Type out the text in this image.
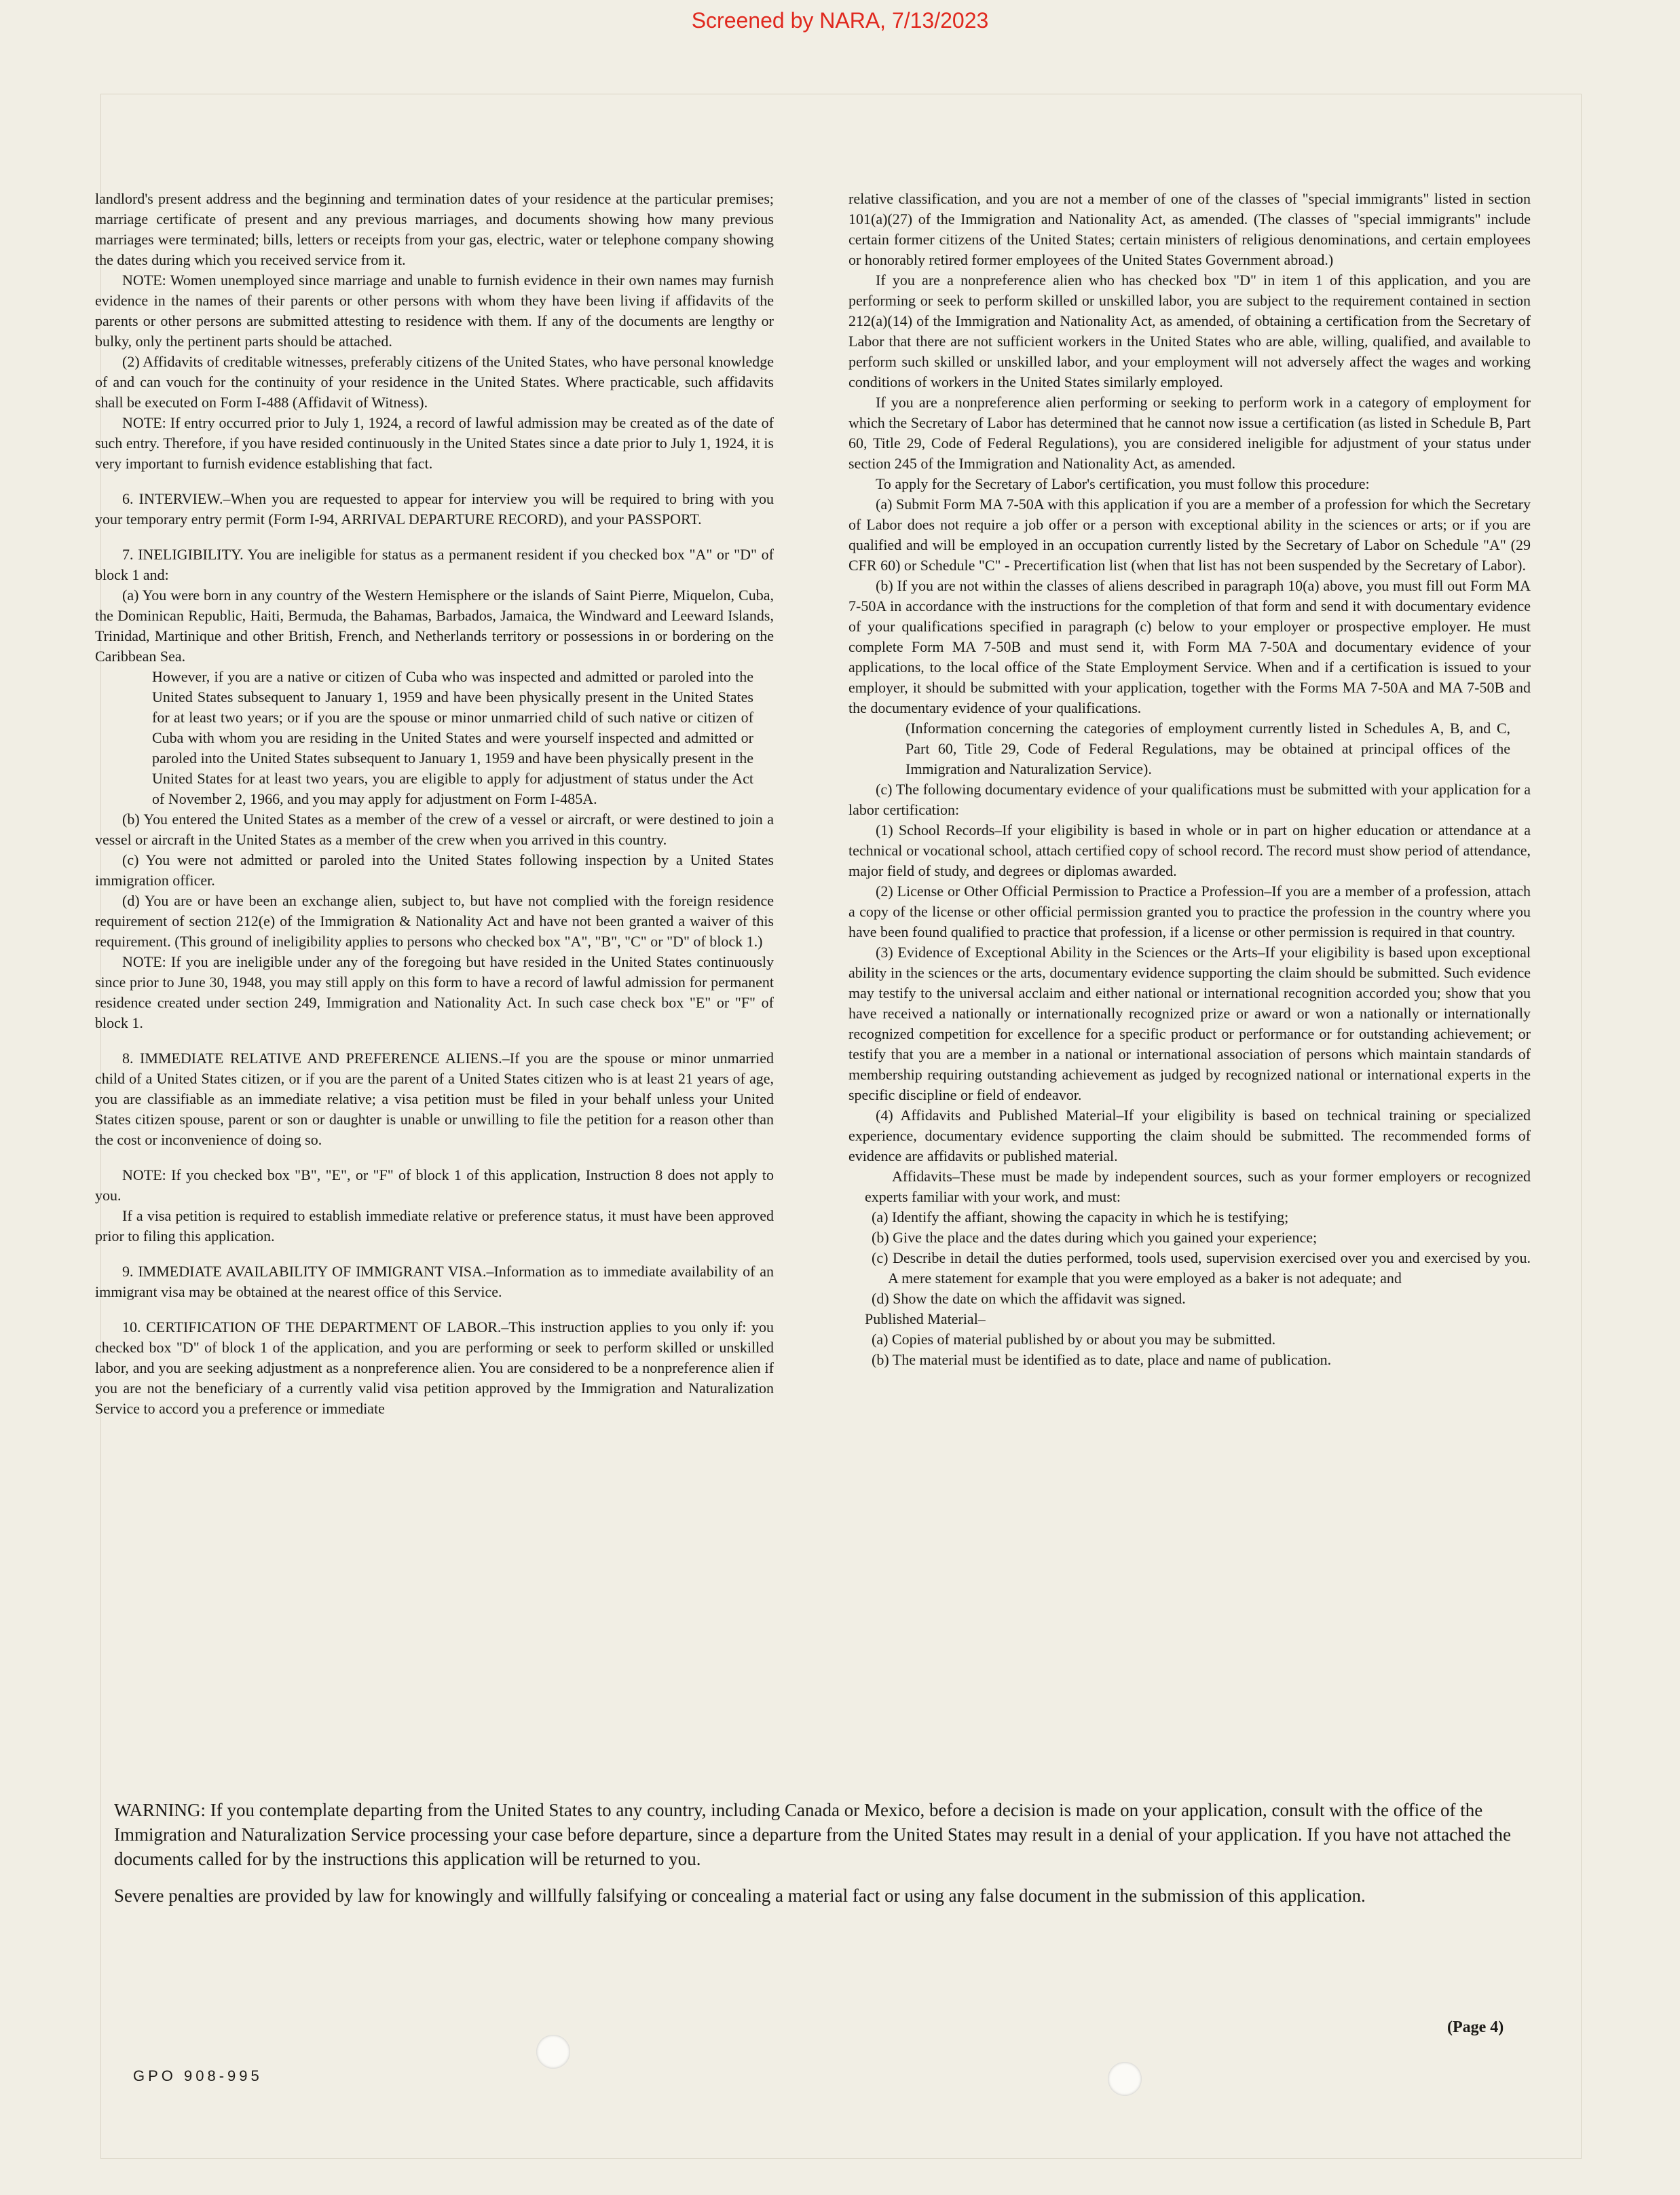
Screened by NARA, 7/13/2023

landlord's present address and the beginning and termination dates of your residence at the particular premises; marriage certificate of present and any previous marriages, and documents showing how many previous marriages were terminated; bills, letters or receipts from your gas, electric, water or telephone company showing the dates during which you received service from it.

NOTE: Women unemployed since marriage and unable to furnish evidence in their own names may furnish evidence in the names of their parents or other persons with whom they have been living if affidavits of the parents or other persons are submitted attesting to residence with them. If any of the documents are lengthy or bulky, only the pertinent parts should be attached.

(2) Affidavits of creditable witnesses, preferably citizens of the United States, who have personal knowledge of and can vouch for the continuity of your residence in the United States. Where practicable, such affidavits shall be executed on Form I-488 (Affidavit of Witness).

NOTE: If entry occurred prior to July 1, 1924, a record of lawful admission may be created as of the date of such entry. Therefore, if you have resided continuously in the United States since a date prior to July 1, 1924, it is very important to furnish evidence establishing that fact.

6. INTERVIEW.–When you are requested to appear for interview you will be required to bring with you your temporary entry permit (Form I-94, ARRIVAL DEPARTURE RECORD), and your PASSPORT.

7. INELIGIBILITY. You are ineligible for status as a permanent resident if you checked box "A" or "D" of block 1 and:

(a) You were born in any country of the Western Hemisphere or the islands of Saint Pierre, Miquelon, Cuba, the Dominican Republic, Haiti, Bermuda, the Bahamas, Barbados, Jamaica, the Windward and Leeward Islands, Trinidad, Martinique and other British, French, and Netherlands territory or possessions in or bordering on the Caribbean Sea.

However, if you are a native or citizen of Cuba who was inspected and admitted or paroled into the United States subsequent to January 1, 1959 and have been physically present in the United States for at least two years; or if you are the spouse or minor unmarried child of such native or citizen of Cuba with whom you are residing in the United States and were yourself inspected and admitted or paroled into the United States subsequent to January 1, 1959 and have been physically present in the United States for at least two years, you are eligible to apply for adjustment of status under the Act of November 2, 1966, and you may apply for adjustment on Form I-485A.

(b) You entered the United States as a member of the crew of a vessel or aircraft, or were destined to join a vessel or aircraft in the United States as a member of the crew when you arrived in this country.

(c) You were not admitted or paroled into the United States following inspection by a United States immigration officer.

(d) You are or have been an exchange alien, subject to, but have not complied with the foreign residence requirement of section 212(e) of the Immigration & Nationality Act and have not been granted a waiver of this requirement. (This ground of ineligibility applies to persons who checked box "A", "B", "C" or "D" of block 1.)

NOTE: If you are ineligible under any of the foregoing but have resided in the United States continuously since prior to June 30, 1948, you may still apply on this form to have a record of lawful admission for permanent residence created under section 249, Immigration and Nationality Act. In such case check box "E" or "F" of block 1.

8. IMMEDIATE RELATIVE AND PREFERENCE ALIENS.–If you are the spouse or minor unmarried child of a United States citizen, or if you are the parent of a United States citizen who is at least 21 years of age, you are classifiable as an immediate relative; a visa petition must be filed in your behalf unless your United States citizen spouse, parent or son or daughter is unable or unwilling to file the petition for a reason other than the cost or inconvenience of doing so.

NOTE: If you checked box "B", "E", or "F" of block 1 of this application, Instruction 8 does not apply to you.

If a visa petition is required to establish immediate relative or preference status, it must have been approved prior to filing this application.

9. IMMEDIATE AVAILABILITY OF IMMIGRANT VISA.–Information as to immediate availability of an immigrant visa may be obtained at the nearest office of this Service.

10. CERTIFICATION OF THE DEPARTMENT OF LABOR.–This instruction applies to you only if: you checked box "D" of block 1 of the application, and you are performing or seek to perform skilled or unskilled labor, and you are seeking adjustment as a nonpreference alien. You are considered to be a nonpreference alien if you are not the beneficiary of a currently valid visa petition approved by the Immigration and Naturalization Service to accord you a preference or immediate

relative classification, and you are not a member of one of the classes of "special immigrants" listed in section 101(a)(27) of the Immigration and Nationality Act, as amended. (The classes of "special immigrants" include certain former citizens of the United States; certain ministers of religious denominations, and certain employees or honorably retired former employees of the United States Government abroad.)

If you are a nonpreference alien who has checked box "D" in item 1 of this application, and you are performing or seek to perform skilled or unskilled labor, you are subject to the requirement contained in section 212(a)(14) of the Immigration and Nationality Act, as amended, of obtaining a certification from the Secretary of Labor that there are not sufficient workers in the United States who are able, willing, qualified, and available to perform such skilled or unskilled labor, and your employment will not adversely affect the wages and working conditions of workers in the United States similarly employed.

If you are a nonpreference alien performing or seeking to perform work in a category of employment for which the Secretary of Labor has determined that he cannot now issue a certification (as listed in Schedule B, Part 60, Title 29, Code of Federal Regulations), you are considered ineligible for adjustment of your status under section 245 of the Immigration and Nationality Act, as amended.

To apply for the Secretary of Labor's certification, you must follow this procedure:

(a) Submit Form MA 7-50A with this application if you are a member of a profession for which the Secretary of Labor does not require a job offer or a person with exceptional ability in the sciences or arts; or if you are qualified and will be employed in an occupation currently listed by the Secretary of Labor on Schedule "A" (29 CFR 60) or Schedule "C" - Precertification list (when that list has not been suspended by the Secretary of Labor).

(b) If you are not within the classes of aliens described in paragraph 10(a) above, you must fill out Form MA 7-50A in accordance with the instructions for the completion of that form and send it with documentary evidence of your qualifications specified in paragraph (c) below to your employer or prospective employer. He must complete Form MA 7-50B and must send it, with Form MA 7-50A and documentary evidence of your applications, to the local office of the State Employment Service. When and if a certification is issued to your employer, it should be submitted with your application, together with the Forms MA 7-50A and MA 7-50B and the documentary evidence of your qualifications.

(Information concerning the categories of employment currently listed in Schedules A, B, and C, Part 60, Title 29, Code of Federal Regulations, may be obtained at principal offices of the Immigration and Naturalization Service).

(c) The following documentary evidence of your qualifications must be submitted with your application for a labor certification:

(1) School Records–If your eligibility is based in whole or in part on higher education or attendance at a technical or vocational school, attach certified copy of school record. The record must show period of attendance, major field of study, and degrees or diplomas awarded.

(2) License or Other Official Permission to Practice a Profession–If you are a member of a profession, attach a copy of the license or other official permission granted you to practice the profession in the country where you have been found qualified to practice that profession, if a license or other permission is required in that country.

(3) Evidence of Exceptional Ability in the Sciences or the Arts–If your eligibility is based upon exceptional ability in the sciences or the arts, documentary evidence supporting the claim should be submitted. Such evidence may testify to the universal acclaim and either national or international recognition accorded you; show that you have received a nationally or internationally recognized prize or award or won a nationally or internationally recognized competition for excellence for a specific product or performance or for outstanding achievement; or testify that you are a member in a national or international association of persons which maintain standards of membership requiring outstanding achievement as judged by recognized national or international experts in the specific discipline or field of endeavor.

(4) Affidavits and Published Material–If your eligibility is based on technical training or specialized experience, documentary evidence supporting the claim should be submitted. The recommended forms of evidence are affidavits or published material.

Affidavits–These must be made by independent sources, such as your former employers or recognized experts familiar with your work, and must:

(a) Identify the affiant, showing the capacity in which he is testifying;

(b) Give the place and the dates during which you gained your experience;

(c) Describe in detail the duties performed, tools used, supervision exercised over you and exercised by you. A mere statement for example that you were employed as a baker is not adequate; and

(d) Show the date on which the affidavit was signed.

Published Material–

(a) Copies of material published by or about you may be submitted.

(b) The material must be identified as to date, place and name of publication.

WARNING: If you contemplate departing from the United States to any country, including Canada or Mexico, before a decision is made on your application, consult with the office of the Immigration and Naturalization Service processing your case before departure, since a departure from the United States may result in a denial of your application. If you have not attached the documents called for by the instructions this application will be returned to you.

Severe penalties are provided by law for knowingly and willfully falsifying or concealing a material fact or using any false document in the submission of this application.

GPO 908-995
(Page 4)
